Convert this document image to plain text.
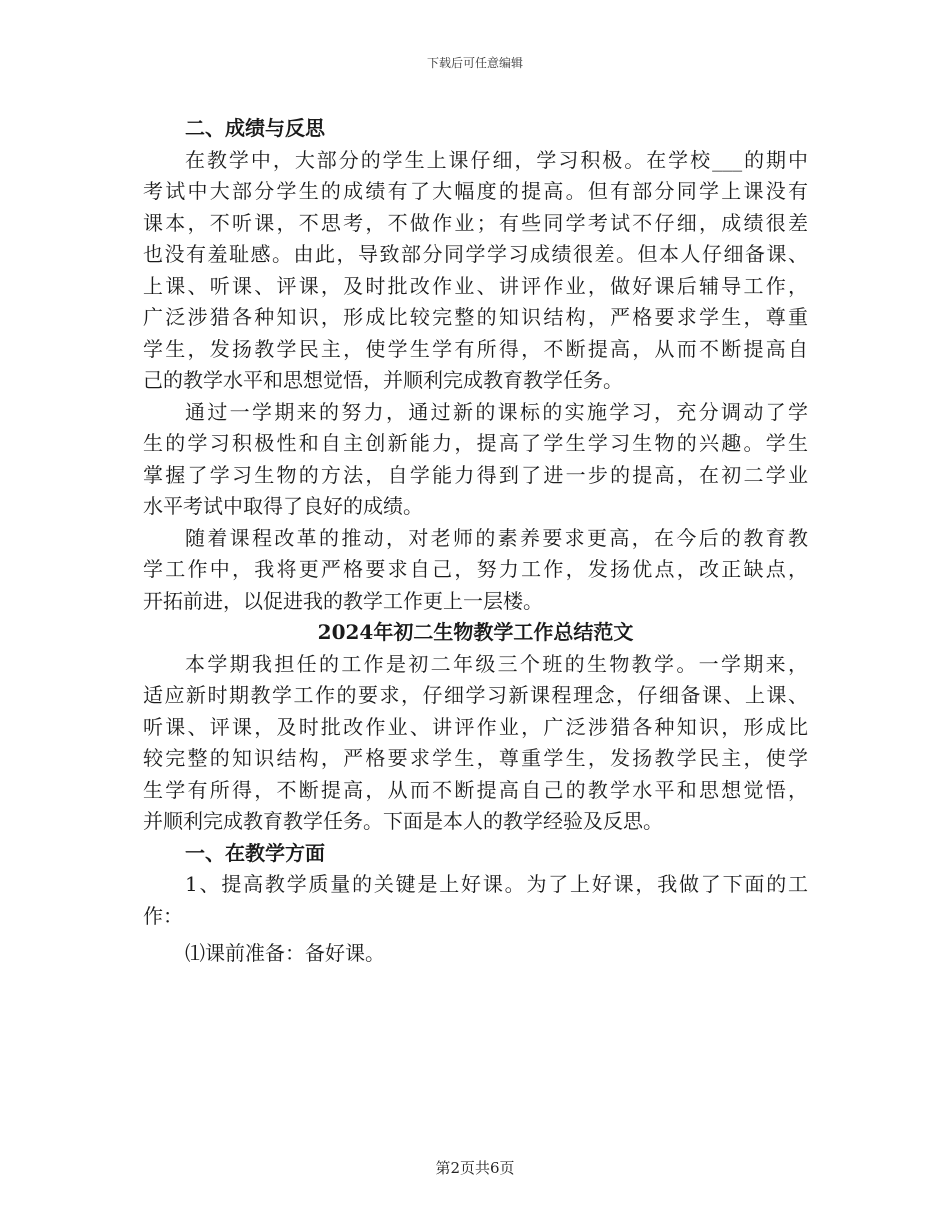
下载后可任意编辑
二、成绩与反思
在教学中，大部分的学生上课仔细，学习积极。在学校___的期中
考试中大部分学生的成绩有了大幅度的提高。但有部分同学上课没有
课本，不听课，不思考，不做作业；有些同学考试不仔细，成绩很差
也没有羞耻感。由此，导致部分同学学习成绩很差。但本人仔细备课、
上课、听课、评课，及时批改作业、讲评作业，做好课后辅导工作，
广泛涉猎各种知识，形成比较完整的知识结构，严格要求学生，尊重
学生，发扬教学民主，使学生学有所得，不断提高，从而不断提高自
己的教学水平和思想觉悟，并顺利完成教育教学任务。
通过一学期来的努力，通过新的课标的实施学习，充分调动了学
生的学习积极性和自主创新能力，提高了学生学习生物的兴趣。学生
掌握了学习生物的方法，自学能力得到了进一步的提高，在初二学业
水平考试中取得了良好的成绩。
随着课程改革的推动，对老师的素养要求更高，在今后的教育教
学工作中，我将更严格要求自己，努力工作，发扬优点，改正缺点，
开拓前进，以促进我的教学工作更上一层楼。
2024年初二生物教学工作总结范文
本学期我担任的工作是初二年级三个班的生物教学。一学期来，
适应新时期教学工作的要求，仔细学习新课程理念，仔细备课、上课、
听课、评课，及时批改作业、讲评作业，广泛涉猎各种知识，形成比
较完整的知识结构，严格要求学生，尊重学生，发扬教学民主，使学
生学有所得，不断提高，从而不断提高自己的教学水平和思想觉悟，
并顺利完成教育教学任务。下面是本人的教学经验及反思。
一、在教学方面
1、提高教学质量的关键是上好课。为了上好课，我做了下面的工
作：
⑴课前准备：备好课。
第2页共6页
